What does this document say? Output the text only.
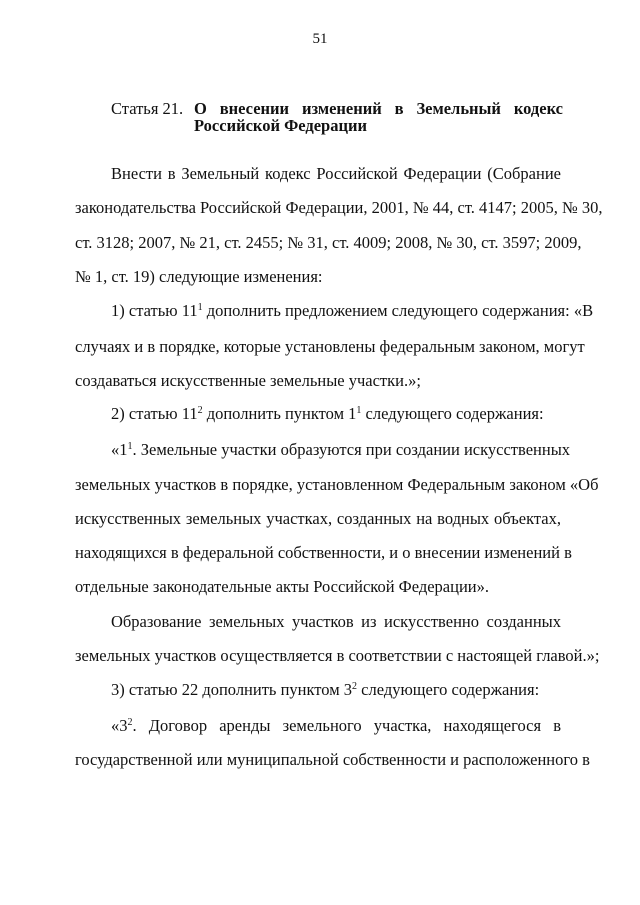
51
Статья 21. О внесении изменений в Земельный кодекс
Российской Федерации
Внести в Земельный кодекс Российской Федерации (Собрание
законодательства Российской Федерации, 2001, № 44, ст. 4147; 2005, № 30,
ст. 3128; 2007, № 21, ст. 2455; № 31, ст. 4009; 2008, № 30, ст. 3597; 2009,
№ 1, ст. 19) следующие изменения:
1) статью $11^1$ дополнить предложением следующего содержания: «В
случаях и в порядке, которые установлены федеральным законом, могут
создаваться искусственные земельные участки.»;
2) статью $11^2$ дополнить пунктом $1^1$ следующего содержания:
«$1^1$. Земельные участки образуются при создании искусственных
земельных участков в порядке, установленном Федеральным законом «Об
искусственных земельных участках, созданных на водных объектах,
находящихся в федеральной собственности, и о внесении изменений в
отдельные законодательные акты Российской Федерации».
Образование земельных участков из искусственно созданных
земельных участков осуществляется в соответствии с настоящей главой.»;
3) статью 22 дополнить пунктом $3^2$ следующего содержания:
«$3^2$. Договор аренды земельного участка, находящегося в
государственной или муниципальной собственности и расположенного в
